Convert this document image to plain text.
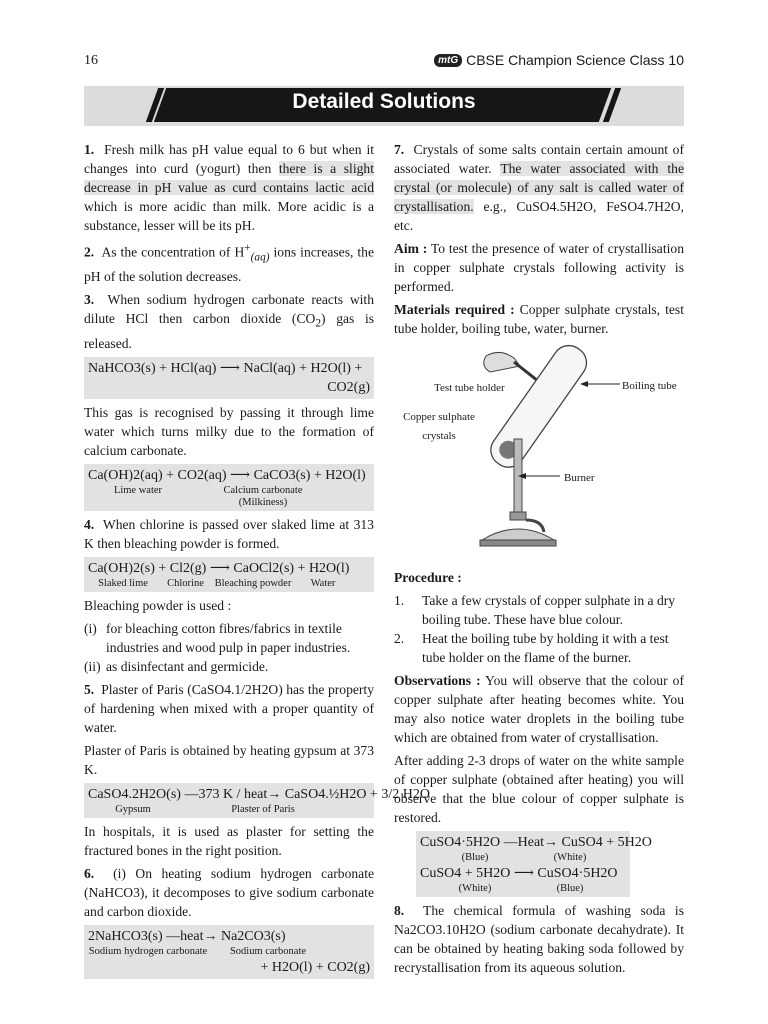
16	mtG CBSE Champion Science Class 10
Detailed Solutions

1. Fresh milk has pH value equal to 6 but when it changes into curd (yogurt) then there is a slight decrease in pH value as curd contains lactic acid which is more acidic than milk. More acidic is a substance, lesser will be its pH.

2. As the concentration of $H^+_{(aq)}$ ions increases, the pH of the solution decreases.

3. When sodium hydrogen carbonate reacts with dilute HCl then carbon dioxide $(CO_2)$ gas is released.

NaHCO3(s) + HCl(aq) ⟶ NaCl(aq) + H2O(l) +
CO2(g)

This gas is recognised by passing it through lime water which turns milky due to the formation of calcium carbonate.

Ca(OH)2(aq) + CO2(aq) ⟶ CaCO3(s) + H2O(l)
Lime water	Calcium carbonate
(Milkiness)

4. When chlorine is passed over slaked lime at 313 K then bleaching powder is formed.

Ca(OH)2(s) + Cl2(g) ⟶ CaOCl2(s) + H2O(l)
Slaked lime	Chlorine	Bleaching powder	Water

Bleaching powder is used :

(i) for bleaching cotton fibres/fabrics in textile industries and wood pulp in paper industries.
(ii) as disinfectant and germicide.

5. Plaster of Paris (CaSO4.1/2H2O) has the property of hardening when mixed with a proper quantity of water.

Plaster of Paris is obtained by heating gypsum at 373 K.

CaSO4.2H2O(s) —373 K / heat→ CaSO4.½H2O + 3/2 H2O
Gypsum	Plaster of Paris

In hospitals, it is used as plaster for setting the fractured bones in the right position.

6. (i) On heating sodium hydrogen carbonate (NaHCO3), it decomposes to give sodium carbonate and carbon dioxide.

2NaHCO3(s) —heat→ Na2CO3(s)
Sodium hydrogen carbonate	Sodium carbonate
+ H2O(l) + CO2(g)

7. Crystals of some salts contain certain amount of associated water. The water associated with the crystal (or molecule) of any salt is called water of crystallisation. e.g., CuSO4.5H2O, FeSO4.7H2O, etc.

Aim : To test the presence of water of crystallisation in copper sulphate crystals following activity is performed.

Materials required : Copper sulphate crystals, test tube holder, boiling tube, water, burner.

Test tube holder	Boiling tube
Copper sulphate crystals
Burner

Procedure :

1.	Take a few crystals of copper sulphate in a dry boiling tube. These have blue colour.
2.	Heat the boiling tube by holding it with a test tube holder on the flame of the burner.

Observations : You will observe that the colour of copper sulphate after heating becomes white. You may also notice water droplets in the boiling tube which are obtained from water of crystallisation.

After adding 2-3 drops of water on the white sample of copper sulphate (obtained after heating) you will observe that the blue colour of copper sulphate is restored.

CuSO4·5H2O —Heat→ CuSO4 + 5H2O
(Blue)	(White)
CuSO4 + 5H2O ⟶ CuSO4·5H2O
(White)	(Blue)

8. The chemical formula of washing soda is Na2CO3.10H2O (sodium carbonate decahydrate). It can be obtained by heating baking soda followed by recrystallisation from its aqueous solution.
